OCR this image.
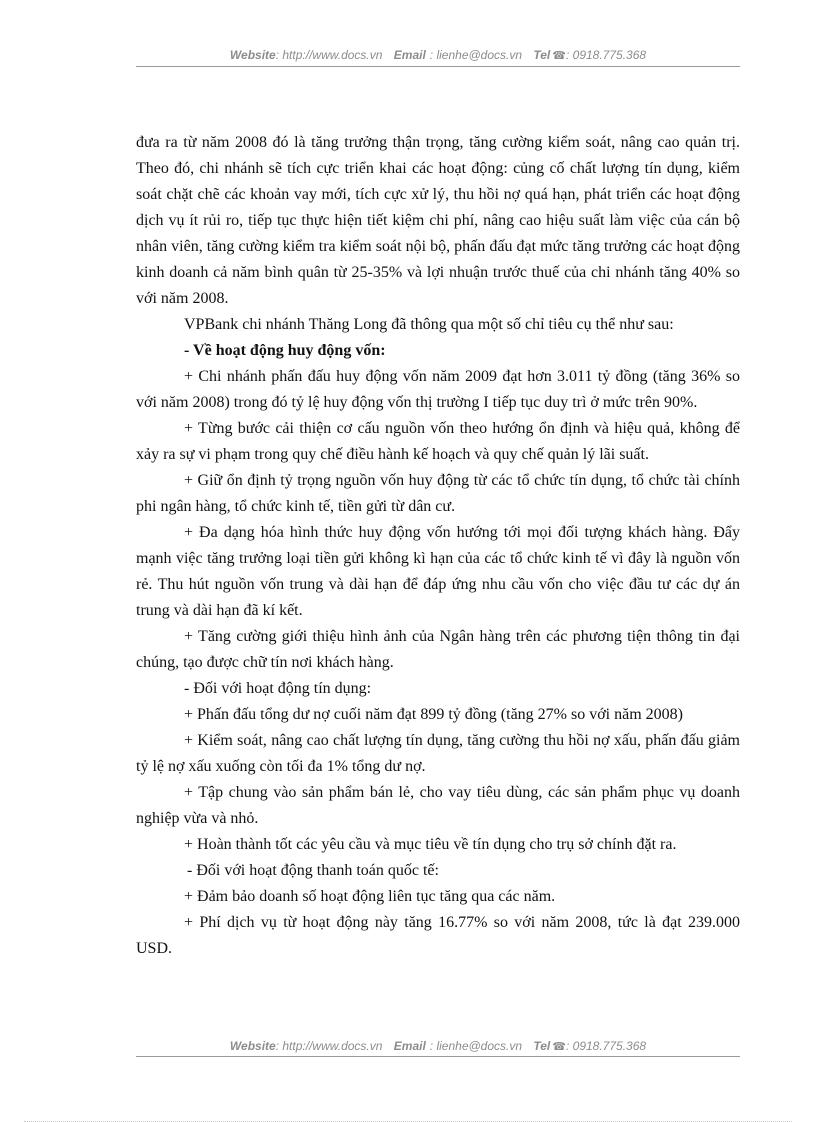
Website: http://www.docs.vn Email : lienhe@docs.vn Tel ☎: 0918.775.368

đưa ra từ năm 2008 đó là tăng trưởng thận trọng, tăng cường kiểm soát, nâng cao quản trị. Theo đó, chi nhánh sẽ tích cực triển khai các hoạt động: củng cố chất lượng tín dụng, kiểm soát chặt chẽ các khoản vay mới, tích cực xử lý, thu hồi nợ quá hạn, phát triển các hoạt động dịch vụ ít rủi ro, tiếp tục thực hiện tiết kiệm chi phí, nâng cao hiệu suất làm việc của cán bộ nhân viên, tăng cường kiểm tra kiểm soát nội bộ, phấn đấu đạt mức tăng trưởng các hoạt động kinh doanh cả năm bình quân từ 25-35% và lợi nhuận trước thuế của chi nhánh tăng 40% so với năm 2008.

VPBank chi nhánh Thăng Long đã thông qua một số chỉ tiêu cụ thể như sau:

- Về hoạt động huy động vốn:

+ Chi nhánh phấn đấu huy động vốn năm 2009 đạt hơn 3.011 tỷ đồng (tăng 36% so với năm 2008) trong đó tỷ lệ huy động vốn thị trường I tiếp tục duy trì ở mức trên 90%.

+ Từng bước cải thiện cơ cấu nguồn vốn theo hướng ổn định và hiệu quả, không để xảy ra sự vi phạm trong quy chế điều hành kế hoạch và quy chế quản lý lãi suất.

+ Giữ ổn định tỷ trọng nguồn vốn huy động từ các tổ chức tín dụng, tổ chức tài chính phi ngân hàng, tổ chức kinh tế, tiền gửi từ dân cư.

+ Đa dạng hóa hình thức huy động vốn hướng tới mọi đối tượng khách hàng. Đẩy mạnh việc tăng trưởng loại tiền gửi không kì hạn của các tổ chức kinh tế vì đây là nguồn vốn rẻ. Thu hút nguồn vốn trung và dài hạn để đáp ứng nhu cầu vốn cho việc đầu tư các dự án trung và dài hạn đã kí kết.

+ Tăng cường giới thiệu hình ảnh của Ngân hàng trên các phương tiện thông tin đại chúng, tạo được chữ tín nơi khách hàng.

- Đối với hoạt động tín dụng:

+ Phấn đấu tổng dư nợ cuối năm đạt 899 tỷ đồng (tăng 27% so với năm 2008)

+ Kiểm soát, nâng cao chất lượng tín dụng, tăng cường thu hồi nợ xấu, phấn đấu giảm tỷ lệ nợ xấu xuống còn tối đa 1% tổng dư nợ.

+ Tập chung vào sản phẩm bán lẻ, cho vay tiêu dùng, các sản phẩm phục vụ doanh nghiệp vừa và nhỏ.

+ Hoàn thành tốt các yêu cầu và mục tiêu về tín dụng cho trụ sở chính đặt ra.

- Đối với hoạt động thanh toán quốc tế:

+ Đảm bảo doanh số hoạt động liên tục tăng qua các năm.

+ Phí dịch vụ từ hoạt động này tăng 16.77% so với năm 2008, tức là đạt 239.000 USD.

Website: http://www.docs.vn Email : lienhe@docs.vn Tel ☎: 0918.775.368
